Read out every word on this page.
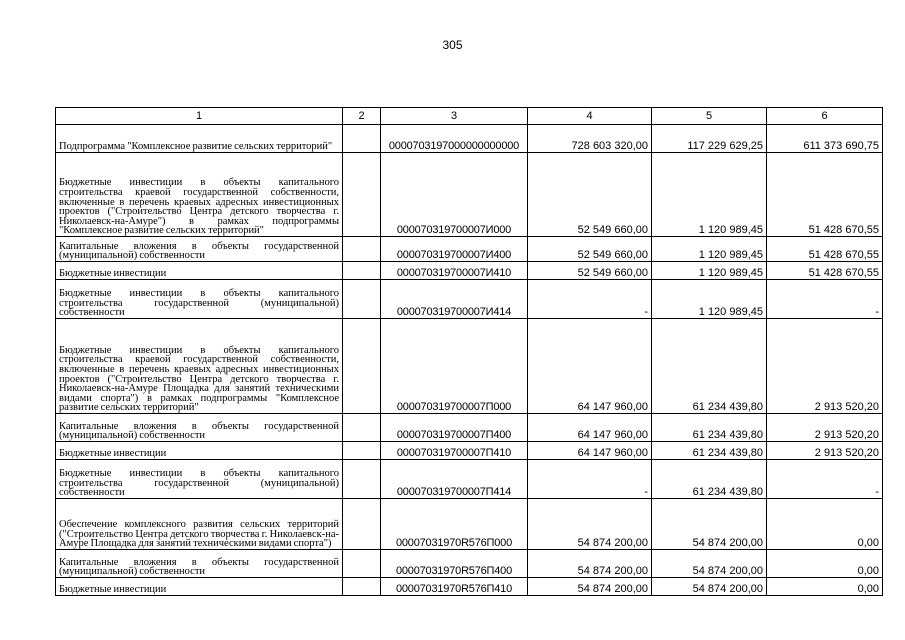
305
1	2	3	4	5	6
Подпрограмма "Комплексное развитие сельских территорий"		0000703197000000000000	728 603 320,00	117 229 629,25	611 373 690,75
Бюджетные инвестиции в объекты капитального строительства краевой государственной собственности, включенные в перечень краевых адресных инвестиционных проектов ("Строительство Центра детского творчества г. Николаевск-на-Амуре") в рамках подпрограммы "Комплексное развитие сельских территорий"		000070319700007И000	52 549 660,00	1 120 989,45	51 428 670,55
Капитальные вложения в объекты государственной (муниципальной) собственности		000070319700007И400	52 549 660,00	1 120 989,45	51 428 670,55
Бюджетные инвестиции		000070319700007И410	52 549 660,00	1 120 989,45	51 428 670,55
Бюджетные инвестиции в объекты капитального строительства государственной (муниципальной) собственности		000070319700007И414	-	1 120 989,45	-
Бюджетные инвестиции в объекты капитального строительства краевой государственной собственности, включенные в перечень краевых адресных инвестиционных проектов ("Строительство Центра детского творчества г. Николаевск-на-Амуре Площадка для занятий техническими видами спорта") в рамках подпрограммы "Комплексное развитие сельских территорий"		000070319700007П000	64 147 960,00	61 234 439,80	2 913 520,20
Капитальные вложения в объекты государственной (муниципальной) собственности		000070319700007П400	64 147 960,00	61 234 439,80	2 913 520,20
Бюджетные инвестиции		000070319700007П410	64 147 960,00	61 234 439,80	2 913 520,20
Бюджетные инвестиции в объекты капитального строительства государственной (муниципальной) собственности		000070319700007П414	-	61 234 439,80	-
Обеспечение комплексного развития сельских территорий ("Строительство Центра детского творчества г. Николаевск-на-Амуре Площадка для занятий техническими видами спорта")		00007031970R576П000	54 874 200,00	54 874 200,00	0,00
Капитальные вложения в объекты государственной (муниципальной) собственности		00007031970R576П400	54 874 200,00	54 874 200,00	0,00
Бюджетные инвестиции		00007031970R576П410	54 874 200,00	54 874 200,00	0,00
